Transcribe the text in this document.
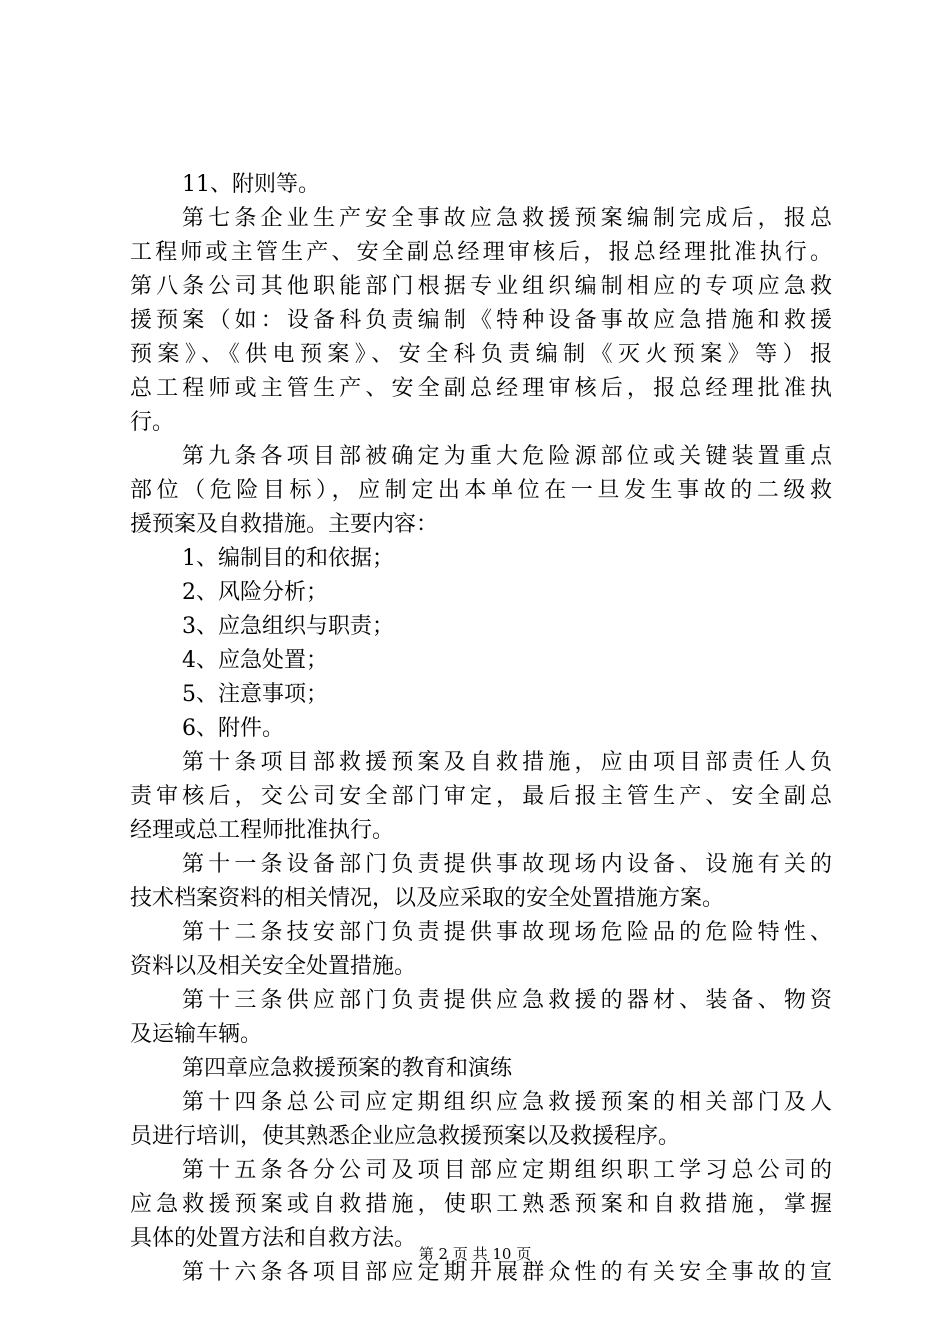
11、附则等。
第七条企业生产安全事故应急救援预案编制完成后，报总
工程师或主管生产、安全副总经理审核后，报总经理批准执行。
第八条公司其他职能部门根据专业组织编制相应的专项应急救
援预案（如：设备科负责编制《特种设备事故应急措施和救援
预案》、《供电预案》、安全科负责编制《灭火预案》等）报
总工程师或主管生产、安全副总经理审核后，报总经理批准执
行。
第九条各项目部被确定为重大危险源部位或关键装置重点
部位（危险目标），应制定出本单位在一旦发生事故的二级救
援预案及自救措施。主要内容：
1、编制目的和依据；
2、风险分析；
3、应急组织与职责；
4、应急处置；
5、注意事项；
6、附件。
第十条项目部救援预案及自救措施，应由项目部责任人负
责审核后，交公司安全部门审定，最后报主管生产、安全副总
经理或总工程师批准执行。
第十一条设备部门负责提供事故现场内设备、设施有关的
技术档案资料的相关情况，以及应采取的安全处置措施方案。
第十二条技安部门负责提供事故现场危险品的危险特性、
资料以及相关安全处置措施。
第十三条供应部门负责提供应急救援的器材、装备、物资
及运输车辆。
第四章应急救援预案的教育和演练
第十四条总公司应定期组织应急救援预案的相关部门及人
员进行培训，使其熟悉企业应急救援预案以及救援程序。
第十五条各分公司及项目部应定期组织职工学习总公司的
应急救援预案或自救措施，使职工熟悉预案和自救措施，掌握
具体的处置方法和自救方法。
第十六条各项目部应定期开展群众性的有关安全事故的宣
第 2 页 共 10 页
